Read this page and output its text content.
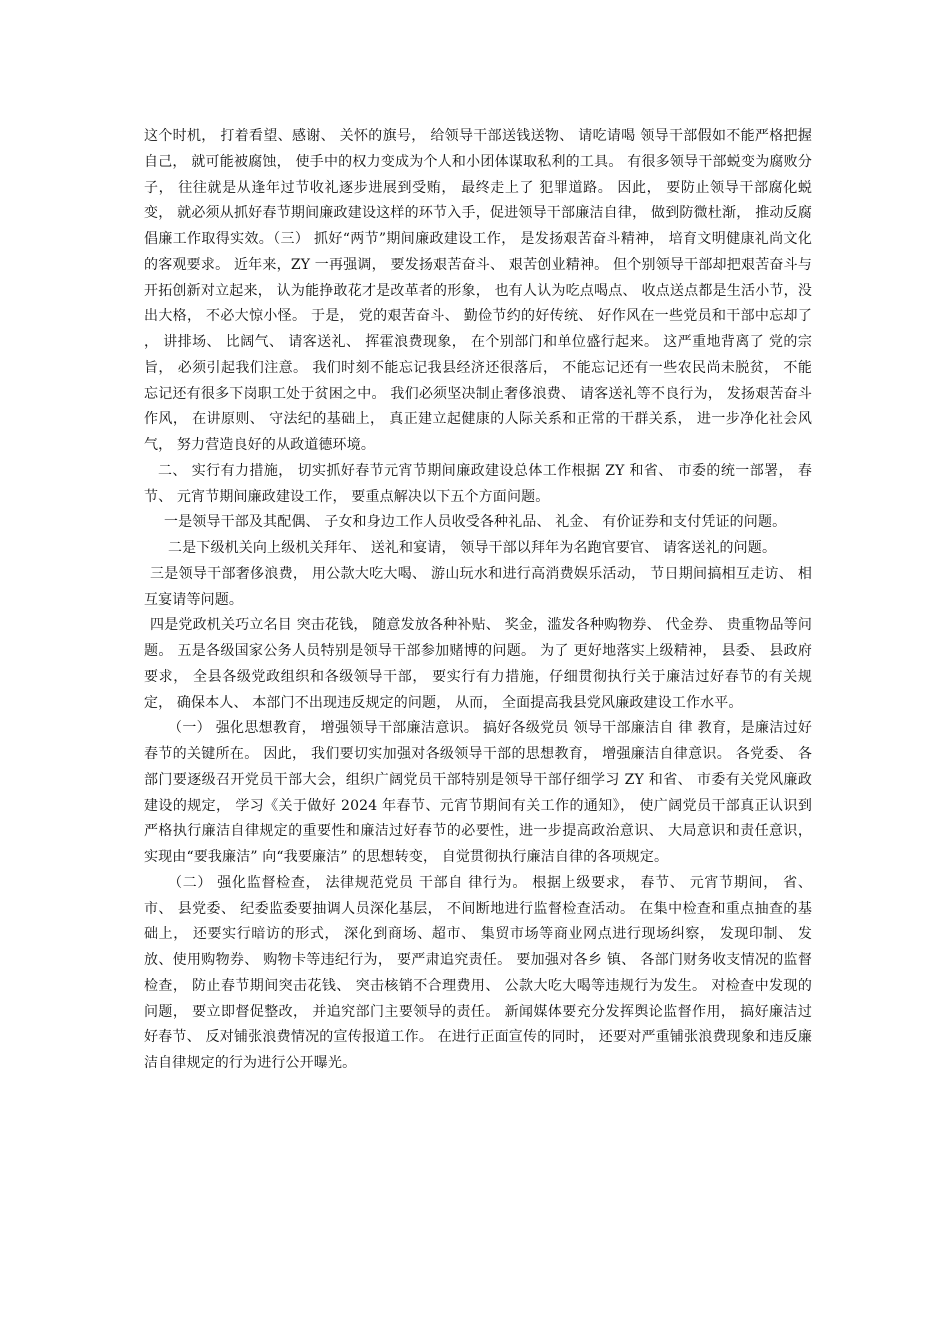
这个时机， 打着看望、感谢、 关怀的旗号， 给领导干部送钱送物、 请吃请喝 领导干部假如不能严格把握自己， 就可能被腐蚀， 使手中的权力变成为个人和小团体谋取私利的工具。 有很多领导干部蜕变为腐败分子， 往往就是从逢年过节收礼逐步进展到受贿， 最终走上了 犯罪道路。 因此， 要防止领导干部腐化蜕变， 就必须从抓好春节期间廉政建设这样的环节入手，促进领导干部廉洁自律， 做到防微杜渐， 推动反腐倡廉工作取得实效。（三） 抓好“两节”期间廉政建设工作， 是发扬艰苦奋斗精神， 培育文明健康礼尚文化的客观要求。 近年来，ZY 一再强调， 要发扬艰苦奋斗、 艰苦创业精神。 但个别领导干部却把艰苦奋斗与开拓创新对立起来， 认为能挣敢花才是改革者的形象， 也有人认为吃点喝点、 收点送点都是生活小节，没出大格， 不必大惊小怪。 于是， 党的艰苦奋斗、 勤俭节约的好传统、 好作风在一些党员和干部中忘却了 ， 讲排场、 比阔气、 请客送礼、 挥霍浪费现象， 在个别部门和单位盛行起来。 这严重地背离了 党的宗旨， 必须引起我们注意。 我们时刻不能忘记我县经济还很落后， 不能忘记还有一些农民尚未脱贫， 不能忘记还有很多下岗职工处于贫困之中。 我们必须坚决制止奢侈浪费、 请客送礼等不良行为， 发扬艰苦奋斗作风， 在讲原则、 守法纪的基础上， 真正建立起健康的人际关系和正常的干群关系， 进一步净化社会风气， 努力营造良好的从政道德环境。

二、 实行有力措施， 切实抓好春节元宵节期间廉政建设总体工作根据 ZY 和省、 市委的统一部署， 春节、 元宵节期间廉政建设工作， 要重点解决以下五个方面问题。

一是领导干部及其配偶、 子女和身边工作人员收受各种礼品、 礼金、 有价证券和支付凭证的问题。

二是下级机关向上级机关拜年、 送礼和宴请， 领导干部以拜年为名跑官要官、 请客送礼的问题。

三是领导干部奢侈浪费， 用公款大吃大喝、 游山玩水和进行高消费娱乐活动， 节日期间搞相互走访、 相互宴请等问题。

四是党政机关巧立名目 突击花钱， 随意发放各种补贴、 奖金，滥发各种购物券、 代金券、 贵重物品等问题。 五是各级国家公务人员特别是领导干部参加赌博的问题。 为了 更好地落实上级精神， 县委、 县政府要求， 全县各级党政组织和各级领导干部， 要实行有力措施，仔细贯彻执行关于廉洁过好春节的有关规定， 确保本人、 本部门不出现违反规定的问题， 从而， 全面提高我县党风廉政建设工作水平。

（一） 强化思想教育， 增强领导干部廉洁意识。 搞好各级党员 领导干部廉洁自 律 教育，是廉洁过好春节的关键所在。 因此， 我们要切实加强对各级领导干部的思想教育， 增强廉洁自律意识。 各党委、 各部门要逐级召开党员干部大会，组织广阔党员干部特别是领导干部仔细学习 ZY 和省、 市委有关党风廉政建设的规定， 学习《关于做好 2024 年春节、元宵节期间有关工作的通知》， 使广阔党员干部真正认识到严格执行廉洁自律规定的重要性和廉洁过好春节的必要性，进一步提高政治意识、 大局意识和责任意识， 实现由“要我廉洁” 向“我要廉洁” 的思想转变， 自觉贯彻执行廉洁自律的各项规定。

（二） 强化监督检查， 法律规范党员 干部自 律行为。 根据上级要求， 春节、 元宵节期间， 省、 市、 县党委、 纪委监委要抽调人员深化基层， 不间断地进行监督检查活动。 在集中检查和重点抽查的基础上， 还要实行暗访的形式， 深化到商场、超市、 集贸市场等商业网点进行现场纠察， 发现印制、 发放、使用购物券、 购物卡等违纪行为， 要严肃追究责任。 要加强对各乡 镇、 各部门财务收支情况的监督检查， 防止春节期间突击花钱、 突击核销不合理费用、 公款大吃大喝等违规行为发生。 对检查中发现的问题， 要立即督促整改， 并追究部门主要领导的责任。 新闻媒体要充分发挥舆论监督作用， 搞好廉洁过好春节、 反对铺张浪费情况的宣传报道工作。 在进行正面宣传的同时， 还要对严重铺张浪费现象和违反廉洁自律规定的行为进行公开曝光。
